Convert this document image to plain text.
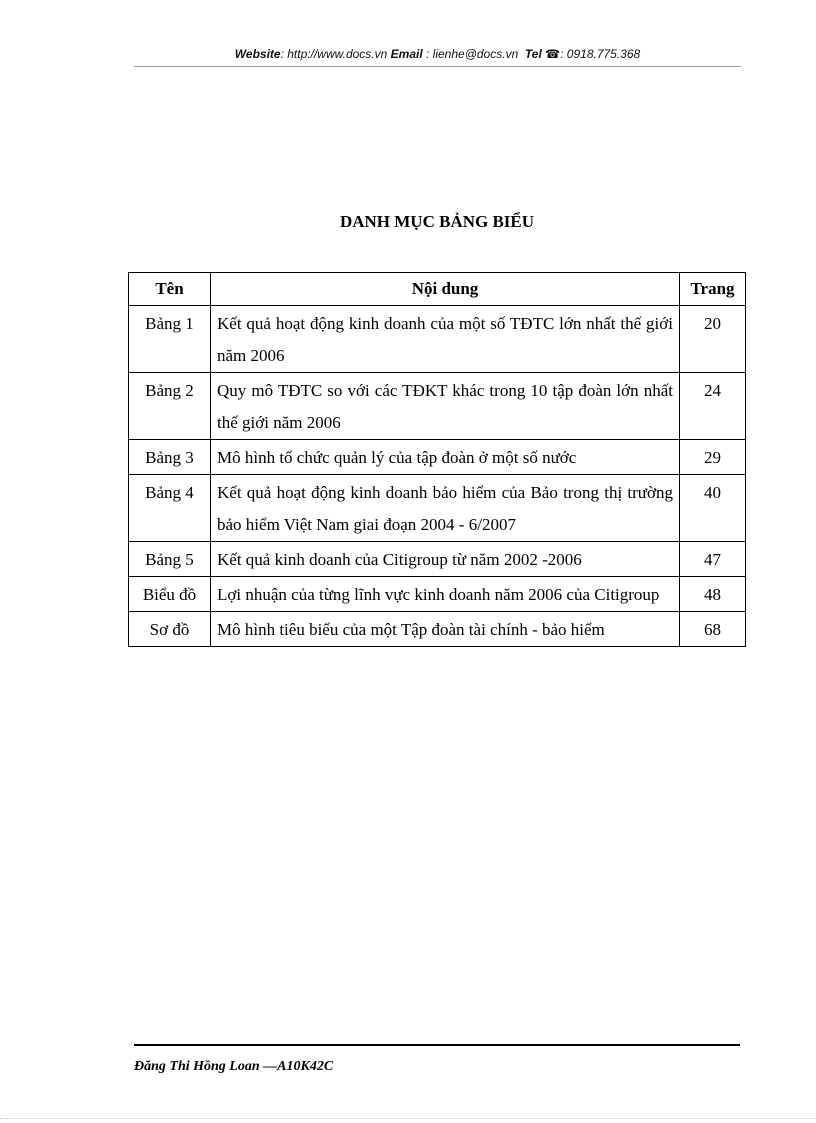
Website: http://www.docs.vn Email : lienhe@docs.vn Tel ☎: 0918.775.368
DANH MỤC BẢNG BIỂU
Tên	Nội dung	Trang
Bảng 1	Kết quả hoạt động kinh doanh của một số TĐTC lớn nhất thế giới năm 2006	20
Bảng 2	Quy mô TĐTC so với các TĐKT khác trong 10 tập đoàn lớn nhất thế giới năm 2006	24
Bảng 3	Mô hình tổ chức quản lý của tập đoàn ở một số nước	29
Bảng 4	Kết quả hoạt động kinh doanh bảo hiểm của Bảo trong thị trường bảo hiểm Việt Nam giai đoạn 2004 - 6/2007	40
Bảng 5	Kết quả kinh doanh của Citigroup từ năm 2002 -2006	47
Biểu đồ	Lợi nhuận của từng lĩnh vực kinh doanh năm 2006 của Citigroup	48
Sơ đồ	Mô hình tiêu biểu của một Tập đoàn tài chính - bảo hiểm	68
Đăng Thi Hồng Loan —A10K42C
